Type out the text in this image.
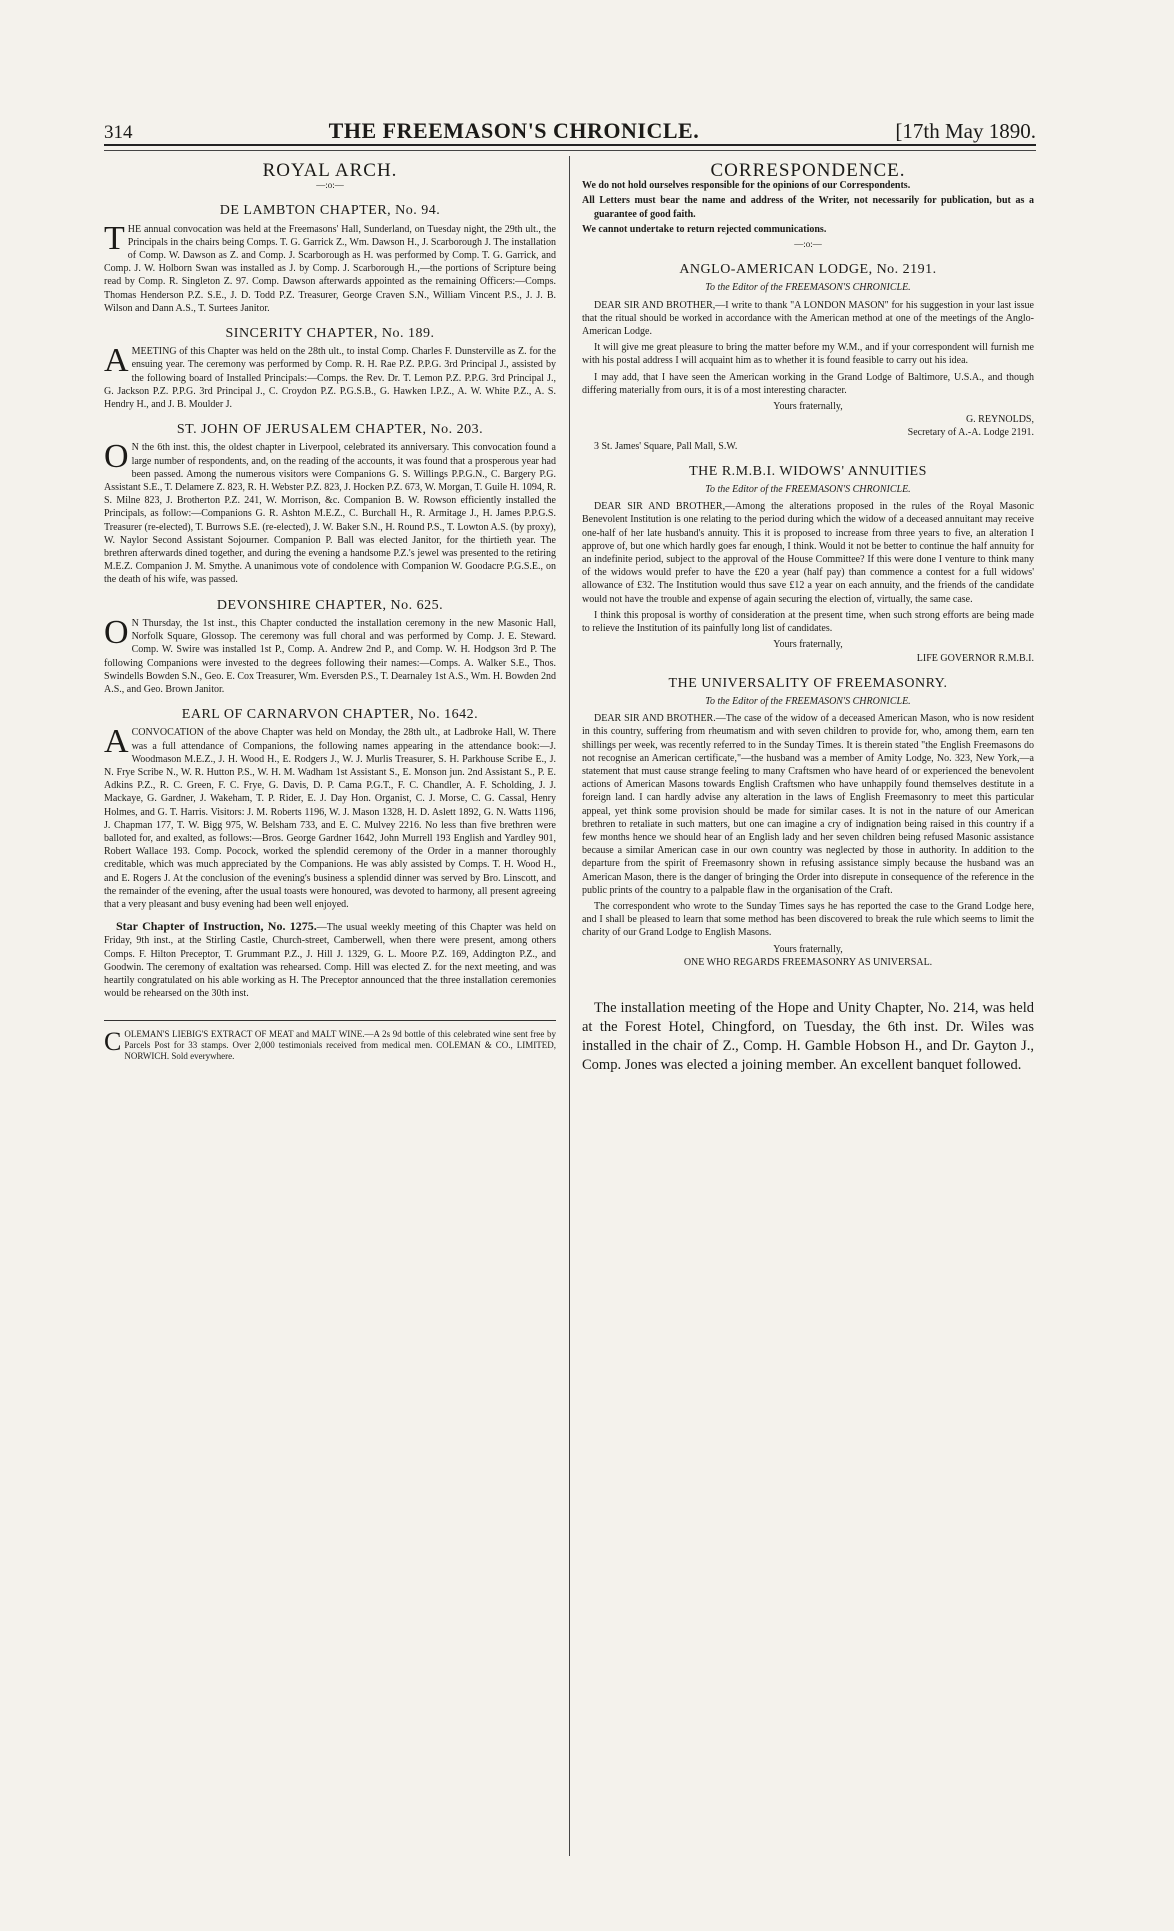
314	THE FREEMASON'S CHRONICLE.	[17th May 1890.
ROYAL ARCH.
—:o:—
DE LAMBTON CHAPTER, No. 94.

THE annual convocation was held at the Freemasons' Hall, Sunderland, on Tuesday night, the 29th ult., the Principals in the chairs being Comps. T. G. Garrick Z., Wm. Dawson H., J. Scarborough J. The installation of Comp. W. Dawson as Z. and Comp. J. Scarborough as H. was performed by Comp. T. G. Garrick, and Comp. J. W. Holborn Swan was installed as J. by Comp. J. Scarborough H.,—the portions of Scripture being read by Comp. R. Singleton Z. 97. Comp. Dawson afterwards appointed as the remaining Officers:—Comps. Thomas Henderson P.Z. S.E., J. D. Todd P.Z. Treasurer, George Craven S.N., William Vincent P.S., J. J. B. Wilson and Dann A.S., T. Surtees Janitor.

SINCERITY CHAPTER, No. 189.

AMEETING of this Chapter was held on the 28th ult., to instal Comp. Charles F. Dunsterville as Z. for the ensuing year. The ceremony was performed by Comp. R. H. Rae P.Z. P.P.G. 3rd Principal J., assisted by the following board of Installed Principals:—Comps. the Rev. Dr. T. Lemon P.Z. P.P.G. 3rd Principal J., G. Jackson P.Z. P.P.G. 3rd Principal J., C. Croydon P.Z. P.G.S.B., G. Hawken I.P.Z., A. W. White P.Z., A. S. Hendry H., and J. B. Moulder J.

ST. JOHN OF JERUSALEM CHAPTER, No. 203.

O N the 6th inst. this, the oldest chapter in Liverpool, celebrated its anniversary. This convocation found a large number of respondents, and, on the reading of the accounts, it was found that a prosperous year had been passed. Among the numerous visitors were Companions G. S. Willings P.P.G.N., C. Bargery P.G. Assistant S.E., T. Delamere Z. 823, R. H. Webster P.Z. 823, J. Hocken P.Z. 673, W. Morgan, T. Guile H. 1094, R. S. Milne 823, J. Brotherton P.Z. 241, W. Morrison, &c. Companion B. W. Rowson efficiently installed the Principals, as follow:—Companions G. R. Ashton M.E.Z., C. Burchall H., R. Armitage J., H. James P.P.G.S. Treasurer (re-elected), T. Burrows S.E. (re-elected), J. W. Baker S.N., H. Round P.S., T. Lowton A.S. (by proxy), W. Naylor Second Assistant Sojourner. Companion P. Ball was elected Janitor, for the thirtieth year. The brethren afterwards dined together, and during the evening a handsome P.Z.'s jewel was presented to the retiring M.E.Z. Companion J. M. Smythe. A unanimous vote of condolence with Companion W. Goodacre P.G.S.E., on the death of his wife, was passed.

DEVONSHIRE CHAPTER, No. 625.

O N Thursday, the 1st inst., this Chapter conducted the installation ceremony in the new Masonic Hall, Norfolk Square, Glossop. The ceremony was full choral and was performed by Comp. J. E. Steward. Comp. W. Swire was installed 1st P., Comp. A. Andrew 2nd P., and Comp. W. H. Hodgson 3rd P. The following Companions were invested to the degrees following their names:—Comps. A. Walker S.E., Thos. Swindells Bowden S.N., Geo. E. Cox Treasurer, Wm. Eversden P.S., T. Dearnaley 1st A.S., Wm. H. Bowden 2nd A.S., and Geo. Brown Janitor.

EARL OF CARNARVON CHAPTER, No. 1642.

ACONVOCATION of the above Chapter was held on Monday, the 28th ult., at Ladbroke Hall, W. There was a full attendance of Companions, the following names appearing in the attendance book:—J. Woodmason M.E.Z., J. H. Wood H., E. Rodgers J., W. J. Murlis Treasurer, S. H. Parkhouse Scribe E., J. N. Frye Scribe N., W. R. Hutton P.S., W. H. M. Wadham 1st Assistant S., E. Monson jun. 2nd Assistant S., P. E. Adkins P.Z., R. C. Green, F. C. Frye, G. Davis, D. P. Cama P.G.T., F. C. Chandler, A. F. Scholding, J. J. Mackaye, G. Gardner, J. Wakeham, T. P. Rider, E. J. Day Hon. Organist, C. J. Morse, C. G. Cassal, Henry Holmes, and G. T. Harris. Visitors: J. M. Roberts 1196, W. J. Mason 1328, H. D. Aslett 1892, G. N. Watts 1196, J. Chapman 177, T. W. Bigg 975, W. Belsham 733, and E. C. Mulvey 2216. No less than five brethren were balloted for, and exalted, as follows:—Bros. George Gardner 1642, John Murrell 193 English and Yardley 901, Robert Wallace 193. Comp. Pocock, worked the splendid ceremony of the Order in a manner thoroughly creditable, which was much appreciated by the Companions. He was ably assisted by Comps. T. H. Wood H., and E. Rogers J. At the conclusion of the evening's business a splendid dinner was served by Bro. Linscott, and the remainder of the evening, after the usual toasts were honoured, was devoted to harmony, all present agreeing that a very pleasant and busy evening had been well enjoyed.

Star Chapter of Instruction, No. 1275.—The usual weekly meeting of this Chapter was held on Friday, 9th inst., at the Stirling Castle, Church-street, Camberwell, when there were present, among others Comps. F. Hilton Preceptor, T. Grummant P.Z., J. Hill J. 1329, G. L. Moore P.Z. 169, Addington P.Z., and Goodwin. The ceremony of exaltation was rehearsed. Comp. Hill was elected Z. for the next meeting, and was heartily congratulated on his able working as H. The Preceptor announced that the three installation ceremonies would be rehearsed on the 30th inst.

COLEMAN'S LIEBIG'S EXTRACT OF MEAT and MALT WINE.—A 2s 9d bottle of this celebrated wine sent free by Parcels Post for 33 stamps. Over 2,000 testimonials received from medical men. COLEMAN & CO., LIMITED, NORWICH. Sold everywhere.

CORRESPONDENCE.

We do not hold ourselves responsible for the opinions of our Correspondents.

All Letters must bear the name and address of the Writer, not necessarily for publication, but as a guarantee of good faith.

We cannot undertake to return rejected communications.

—:o:—
ANGLO-AMERICAN LODGE, No. 2191.

To the Editor of the FREEMASON'S CHRONICLE.

DEAR SIR AND BROTHER,—I write to thank "A LONDON MASON" for his suggestion in your last issue that the ritual should be worked in accordance with the American method at one of the meetings of the Anglo-American Lodge.

It will give me great pleasure to bring the matter before my W.M., and if your correspondent will furnish me with his postal address I will acquaint him as to whether it is found feasible to carry out his idea.

I may add, that I have seen the American working in the Grand Lodge of Baltimore, U.S.A., and though differing materially from ours, it is of a most interesting character.

Yours fraternally,

G. REYNOLDS,

Secretary of A.-A. Lodge 2191.

3 St. James' Square, Pall Mall, S.W.

THE R.M.B.I. WIDOWS' ANNUITIES

To the Editor of the FREEMASON'S CHRONICLE.

DEAR SIR AND BROTHER,—Among the alterations proposed in the rules of the Royal Masonic Benevolent Institution is one relating to the period during which the widow of a deceased annuitant may receive one-half of her late husband's annuity. This it is proposed to increase from three years to five, an alteration I approve of, but one which hardly goes far enough, I think. Would it not be better to continue the half annuity for an indefinite period, subject to the approval of the House Committee? If this were done I venture to think many of the widows would prefer to have the £20 a year (half pay) than commence a contest for a full widows' allowance of £32. The Institution would thus save £12 a year on each annuity, and the friends of the candidate would not have the trouble and expense of again securing the election of, virtually, the same case.

I think this proposal is worthy of consideration at the present time, when such strong efforts are being made to relieve the Institution of its painfully long list of candidates.

Yours fraternally,

LIFE GOVERNOR R.M.B.I.

THE UNIVERSALITY OF FREEMASONRY.

To the Editor of the FREEMASON'S CHRONICLE.

DEAR SIR AND BROTHER.—The case of the widow of a deceased American Mason, who is now resident in this country, suffering from rheumatism and with seven children to provide for, who, among them, earn ten shillings per week, was recently referred to in the Sunday Times. It is therein stated "the English Freemasons do not recognise an American certificate,"—the husband was a member of Amity Lodge, No. 323, New York,—a statement that must cause strange feeling to many Craftsmen who have heard of or experienced the benevolent actions of American Masons towards English Craftsmen who have unhappily found themselves destitute in a foreign land. I can hardly advise any alteration in the laws of English Freemasonry to meet this particular appeal, yet think some provision should be made for similar cases. It is not in the nature of our American brethren to retaliate in such matters, but one can imagine a cry of indignation being raised in this country if a few months hence we should hear of an English lady and her seven children being refused Masonic assistance because a similar American case in our own country was neglected by those in authority. In addition to the departure from the spirit of Freemasonry shown in refusing assistance simply because the husband was an American Mason, there is the danger of bringing the Order into disrepute in consequence of the reference in the public prints of the country to a palpable flaw in the organisation of the Craft.

The correspondent who wrote to the Sunday Times says he has reported the case to the Grand Lodge here, and I shall be pleased to learn that some method has been discovered to break the rule which seems to limit the charity of our Grand Lodge to English Masons.

Yours fraternally,

ONE WHO REGARDS FREEMASONRY AS UNIVERSAL.

The installation meeting of the Hope and Unity Chapter, No. 214, was held at the Forest Hotel, Chingford, on Tuesday, the 6th inst. Dr. Wiles was installed in the chair of Z., Comp. H. Gamble Hobson H., and Dr. Gayton J., Comp. Jones was elected a joining member. An excellent banquet followed.
